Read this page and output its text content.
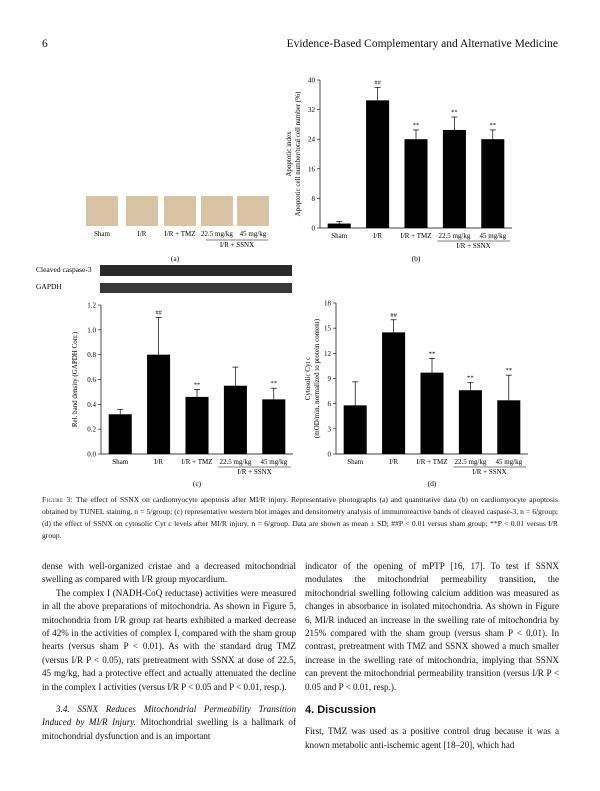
6	Evidence-Based Complementary and Alternative Medicine
Sham	I/R	I/R + TMZ 22.5 mg/kg 45 mg/kg
I/R + SSNX
(a)
Cleaved caspase-3
GAPDH
0
8
16
24
32
40
Sham
##
I/R
**
I/R + TMZ
**
22.5 mg/kg
**
45 mg/kg
I/R + SSNX
Apoptotic index Apoptotic cell number/total cell number (%)
(b)
0.0
0.2
0.4
0.6
0.8
1.0
1.2
Sham
##
I/R
**
I/R + TMZ 22.5 mg/kg
**
45 mg/kg
I/R + SSNX
Rel. band density (GAPDH Corr.)
(c)
0
3
6
9
12
15
18
Sham
##
I/R
**
I/R + TMZ
**
22.5 mg/kg
**
45 mg/kg
I/R + SSNX
Cytosolic Cyt c (mOD/min, normalized to protein content)
(d)
Figure 3: The effect of SSNX on cardiomyocyte apoptosis after MI/R injury. Representative photographs (a) and quantitative data (b) on cardiomyocyte apoptosis obtained by TUNEL staining, n = 5/group; (c) representative western blot images and densitometry analysis of immunoreactive bands of cleaved caspase-3, n = 6/group; (d) the effect of SSNX on cytosolic Cyt c levels after MI/R injury, n = 6/group. Data are shown as mean ± SD; ##P < 0.01 versus sham group; **P < 0.01 versus I/R group.

dense with well-organized cristae and a decreased mitochondrial swelling as compared with I/R group myocardium.

The complex I (NADH-CoQ reductase) activities were measured in all the above preparations of mitochondria. As shown in Figure 5, mitochondria from I/R group rat hearts exhibited a marked decrease of 42% in the activities of complex I, compared with the sham group hearts (versus sham P < 0.01). As with the standard drug TMZ (versus I/R P < 0.05), rats pretreatment with SSNX at dose of 22.5, 45 mg/kg, had a protective effect and actually attenuated the decline in the complex I activities (versus I/R P < 0.05 and P < 0.01, resp.).

3.4. SSNX Reduces Mitochondrial Permeability Transition Induced by MI/R Injury. Mitochondrial swelling is a hallmark of mitochondrial dysfunction and is an important

indicator of the opening of mPTP [16, 17]. To test if SSNX modulates the mitochondrial permeability transition, the mitochondrial swelling following calcium addition was measured as changes in absorbance in isolated mitochondria. As shown in Figure 6, MI/R induced an increase in the swelling rate of mitochondria by 215% compared with the sham group (versus sham P < 0.01). In contrast, pretreatment with TMZ and SSNX showed a much smaller increase in the swelling rate of mitochondria, implying that SSNX can prevent the mitochondrial permeability transition (versus I/R P < 0.05 and P < 0.01, resp.).

4. Discussion

First, TMZ was used as a positive control drug because it was a known metabolic anti-ischemic agent [18–20], which had
